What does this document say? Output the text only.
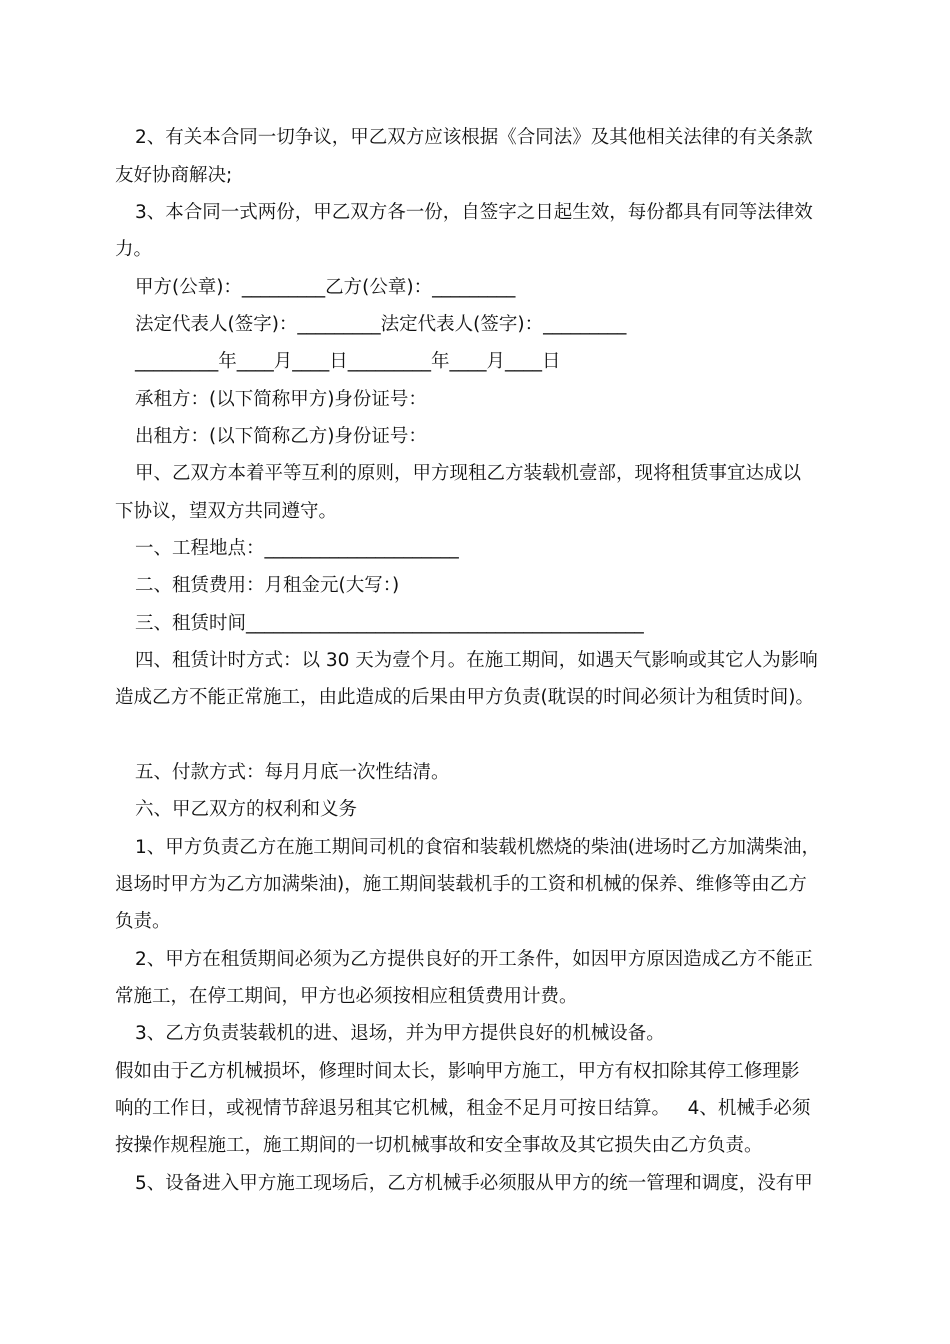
2、有关本合同一切争议，甲乙双方应该根据《合同法》及其他相关法律的有关条款
友好协商解决;
3、本合同一式两份，甲乙双方各一份，自签字之日起生效，每份都具有同等法律效
力。
甲方(公章)：_________乙方(公章)：_________
法定代表人(签字)：_________法定代表人(签字)：_________
_________年____月____日_________年____月____日
承租方：(以下简称甲方)身份证号：
出租方：(以下简称乙方)身份证号：
甲、乙双方本着平等互利的原则，甲方现租乙方装载机壹部，现将租赁事宜达成以
下协议，望双方共同遵守。
一、工程地点：_____________________
二、租赁费用：月租金元(大写：)
三、租赁时间___________________________________________
四、租赁计时方式：以 30 天为壹个月。在施工期间，如遇天气影响或其它人为影响
造成乙方不能正常施工，由此造成的后果由甲方负责(耽误的时间必须计为租赁时间)。
五、付款方式：每月月底一次性结清。
六、甲乙双方的权利和义务
1、甲方负责乙方在施工期间司机的食宿和装载机燃烧的柴油(进场时乙方加满柴油，
退场时甲方为乙方加满柴油)，施工期间装载机手的工资和机械的保养、维修等由乙方
负责。
2、甲方在租赁期间必须为乙方提供良好的开工条件，如因甲方原因造成乙方不能正
常施工，在停工期间，甲方也必须按相应租赁费用计费。
3、乙方负责装载机的进、退场，并为甲方提供良好的机械设备。
假如由于乙方机械损坏，修理时间太长，影响甲方施工，甲方有权扣除其停工修理影
响的工作日，或视情节辞退另租其它机械，租金不足月可按日结算。   4、机械手必须
按操作规程施工，施工期间的一切机械事故和安全事故及其它损失由乙方负责。
5、设备进入甲方施工现场后，乙方机械手必须服从甲方的统一管理和调度，没有甲
